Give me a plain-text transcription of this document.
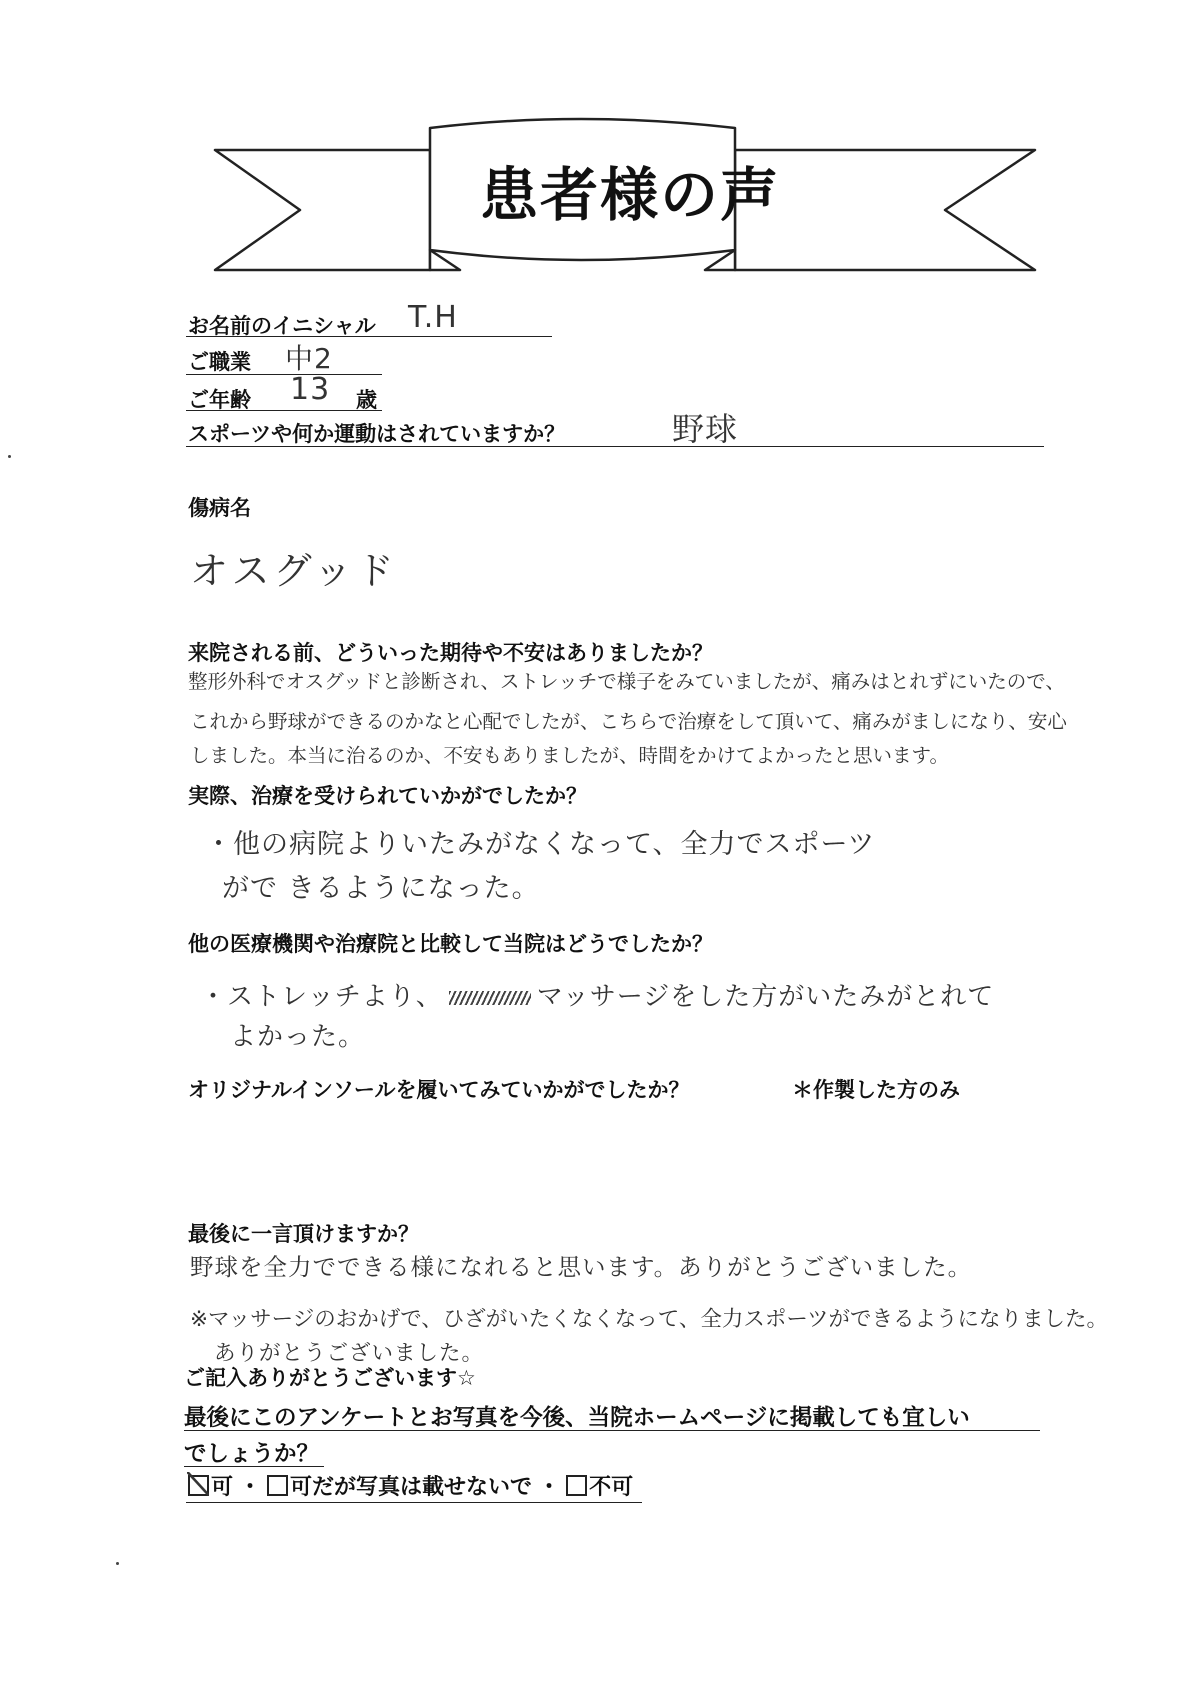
患者様の声
お名前のイニシャル T.H
ご職業 中2
ご年齢 13 歳
スポーツや何か運動はされていますか？	野球
傷病名
オスグッド
来院される前、どういった期待や不安はありましたか？
整形外科でオスグッドと診断され、ストレッチで様子をみていましたが、痛みはとれずにいたので、
これから野球ができるのかなと心配でしたが、こちらで治療をして頂いて、痛みがましになり、安心
しました。本当に治るのか、不安もありましたが、時間をかけてよかったと思います。
実際、治療を受けられていかがでしたか？
・他の病院よりいたみがなくなって、全力でスポーツ
がで きるようになった。
他の医療機関や治療院と比較して当院はどうでしたか？
・ストレッチより、	マッサージをした方がいたみがとれて
よかった。
オリジナルインソールを履いてみていかがでしたか？	＊作製した方のみ
最後に一言頂けますか？
野球を全力でできる様になれると思います。ありがとうございました。
※マッサージのおかげで、ひざがいたくなくなって、全力スポーツができるようになりました。
ありがとうございました。
ご記入ありがとうございます☆
最後にこのアンケートとお写真を今後、当院ホームページに掲載しても宜しい
でしょうか？
可 ・ 可だが写真は載せないで ・ 不可
